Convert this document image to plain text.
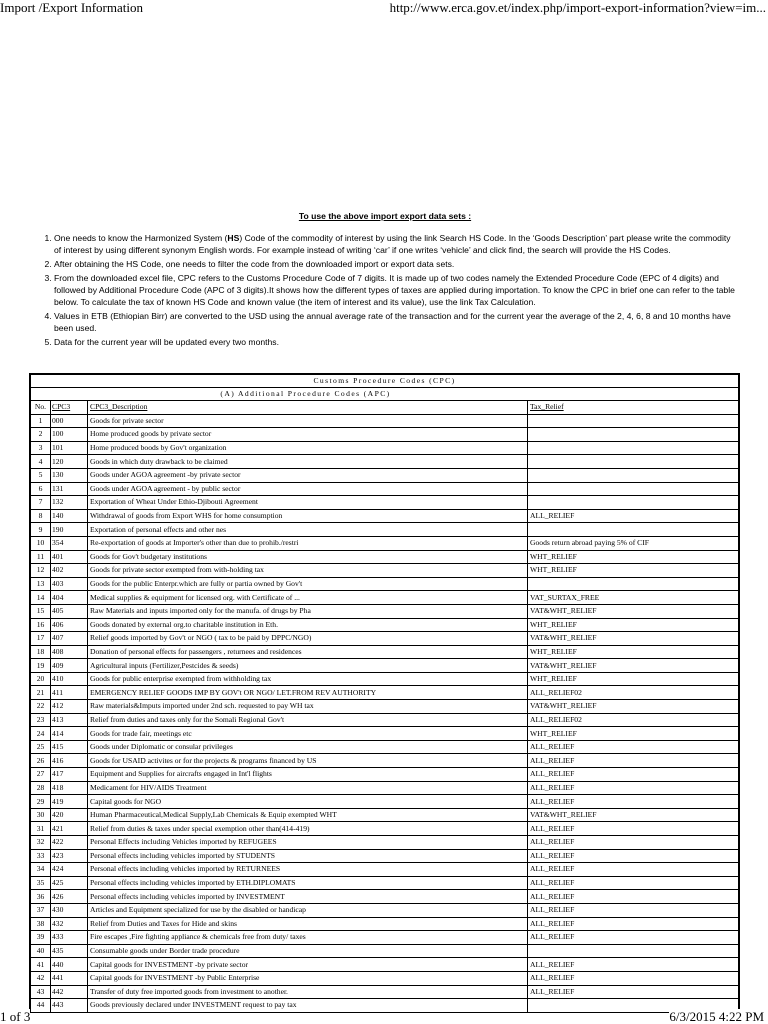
Import /Export Information	http://www.erca.gov.et/index.php/import-export-information?view=im...
To use the above import export data sets :
1. One needs to know the Harmonized System (HS) Code of the commodity of interest by using the link Search HS Code. In the ‘Goods Description’ part please write the commodity of interest by using different synonym English words. For example instead of writing ‘car’ if one writes ‘vehicle’ and click find, the search will provide the HS Codes.
2. After obtaining the HS Code, one needs to filter the code from the downloaded import or export data sets.
3. From the downloaded excel file, CPC refers to the Customs Procedure Code of 7 digits. It is made up of two codes namely the Extended Procedure Code (EPC of 4 digits) and followed by Additional Procedure Code (APC of 3 digits).It shows how the different types of taxes are applied during importation. To know the CPC in brief one can refer to the table below. To calculate the tax of known HS Code and known value (the item of interest and its value), use the link Tax Calculation.
4. Values in ETB (Ethiopian Birr) are converted to the USD using the annual average rate of the transaction and for the current year the average of the 2, 4, 6, 8 and 10 months have been used.
5. Data for the current year will be updated every two months.
Customs Procedure Codes (CPC)			
(A) Additional Procedure Codes (APC)			
No.	CPC3	CPC3_Description	Tax_Relief
1	000	Goods for private sector	
2	100	Home produced goods by private sector	
3	101	Home produced boods by Gov't organization	
4	120	Goods in which duty drawback to be claimed	
5	130	Goods under AGOA agreement -by private sector	
6	131	Goods under AGOA agreement - by public sector	
7	132	Exportation of Wheat Under Ethio-Djibouti Agreement	
8	140	Withdrawal of goods from Export WHS for home consumption	ALL_RELIEF
9	190	Exportation of personal effects and other nes	
10	354	Re-exportation of goods at Importer's other than due to prohib./restri	Goods return abroad paying 5% of CIF
11	401	Goods for Gov't budgetary institutions	WHT_RELIEF
12	402	Goods for private sector exempted from with-holding tax	WHT_RELIEF
13	403	Goods for the public Enterpr.which are fully or partia owned by Gov't	
14	404	Medical supplies & equipment for licensed org. with Certificate of ...	VAT_SURTAX_FREE
15	405	Raw Materials and inputs imported only for the manufa. of drugs by Pha	VAT&WHT_RELIEF
16	406	Goods donated by external org.to charitable institution in Eth.	WHT_RELIEF
17	407	Relief goods imported by Gov't or NGO ( tax to be paid by DPPC/NGO)	VAT&WHT_RELIEF
18	408	Donation of personal effects for passengers , returnees and residences	WHT_RELIEF
19	409	Agricultural inputs (Fertilizer,Pestcides & seeds)	VAT&WHT_RELIEF
20	410	Goods for public enterprise exempted from withholding tax	WHT_RELIEF
21	411	EMERGENCY RELIEF GOODS IMP BY GOV't OR NGO/ LET.FROM REV AUTHORITY	ALL_RELIEF02
22	412	Raw materials&Imputs imported under 2nd sch. requested to pay WH tax	VAT&WHT_RELIEF
23	413	Relief from duties and taxes only for the Somali Regional Gov't	ALL_RELIEF02
24	414	Goods for trade fair, meetings etc	WHT_RELIEF
25	415	Goods under Diplomatic or consular privileges	ALL_RELIEF
26	416	Goods for USAID activites or for the projects & programs financed by US	ALL_RELIEF
27	417	Equipment and Supplies for aircrafts engaged in Int'l flights	ALL_RELIEF
28	418	Medicament for HIV/AIDS Treatment	ALL_RELIEF
29	419	Capital goods for NGO	ALL_RELIEF
30	420	Human Pharmaceutical,Medical Supply,Lab Chemicals & Equip exempted WHT	VAT&WHT_RELIEF
31	421	Relief from duties & taxes under special exemption other than(414-419)	ALL_RELIEF
32	422	Personal Effects including Vehicles imported by REFUGEES	ALL_RELIEF
33	423	Personal effects including vehicles imported by STUDENTS	ALL_RELIEF
34	424	Personal effects including vehicles imported by RETURNEES	ALL_RELIEF
35	425	Personal effects including vehicles imported by ETH.DIPLOMATS	ALL_RELIEF
36	426	Personal effects including vehicles imported by INVESTMENT	ALL_RELIEF
37	430	Articles and Equipment specialized for use by the disabled or handicap	ALL_RELIEF
38	432	Relief from Duties and Taxes for Hide and skins	ALL_RELIEF
39	433	Fire escapes ,Fire fighting appliance & chemicals free from duty/ taxes	ALL_RELIEF
40	435	Consumable goods under Border trade procedure	
41	440	Capital goods for INVESTMENT -by private sector	ALL_RELIEF
42	441	Capital goods for INVESTMENT -by Public Enterprise	ALL_RELIEF
43	442	Transfer of duty free imported goods from investment to another.	ALL_RELIEF
44	443	Goods previously declared under INVESTMENT request to pay tax	
1 of 3	6/3/2015 4:22 PM
